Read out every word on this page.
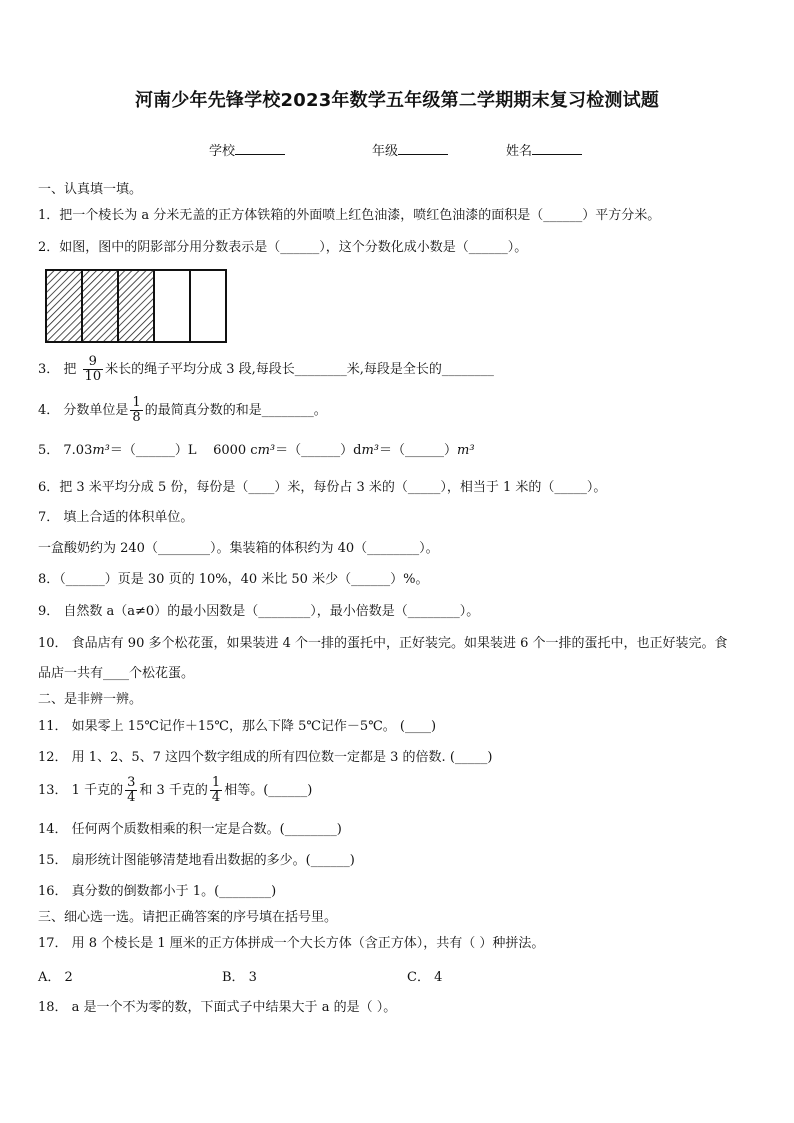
河南少年先锋学校2023年数学五年级第二学期期末复习检测试题
学校	年级	姓名
一、认真填一填。
1．把一个棱长为 a 分米无盖的正方体铁箱的外面喷上红色油漆，喷红色油漆的面积是（______）平方分米。
2．如图，图中的阴影部分用分数表示是（______），这个分数化成小数是（______）。
3． 把 $\frac{9}{10}$ 米长的绳子平均分成 3 段,每段长________米,每段是全长的________
4． 分数单位是 $\frac{1}{8}$ 的最简真分数的和是________。
5． 7.03m³＝（______）L    6000 cm³＝（______）dm³＝（______）m³
6．把 3 米平均分成 5 份，每份是（____）米，每份占 3 米的（_____），相当于 1 米的（_____）。
7． 填上合适的体积单位。
一盒酸奶约为 240（________）。集装箱的体积约为 40（________）。
8．（______）页是 30 页的 10%，40 米比 50 米少（______）%。
9． 自然数 a（a≠0）的最小因数是（________），最小倍数是（________）。
10． 食品店有 90 多个松花蛋，如果装进 4 个一排的蛋托中，正好装完。如果装进 6 个一排的蛋托中，也正好装完。食
品店一共有____个松花蛋。
二、是非辨一辨。
11． 如果零上 15℃记作＋15℃，那么下降 5℃记作－5℃。 (____)
12． 用 1、2、5、7 这四个数字组成的所有四位数一定都是 3 的倍数. (_____)
13． 1 千克的 $\frac{3}{4}$ 和 3 千克的 $\frac{1}{4}$ 相等。(______)
14． 任何两个质数相乘的积一定是合数。(________)
15． 扇形统计图能够清楚地看出数据的多少。(______)
16． 真分数的倒数都小于 1。(________)
三、细心选一选。请把正确答案的序号填在括号里。
17． 用 8 个棱长是 1 厘米的正方体拼成一个大长方体（含正方体），共有（ ）种拼法。
A． 2	B． 3	C． 4
18． a 是一个不为零的数，下面式子中结果大于 a 的是（ ）。
